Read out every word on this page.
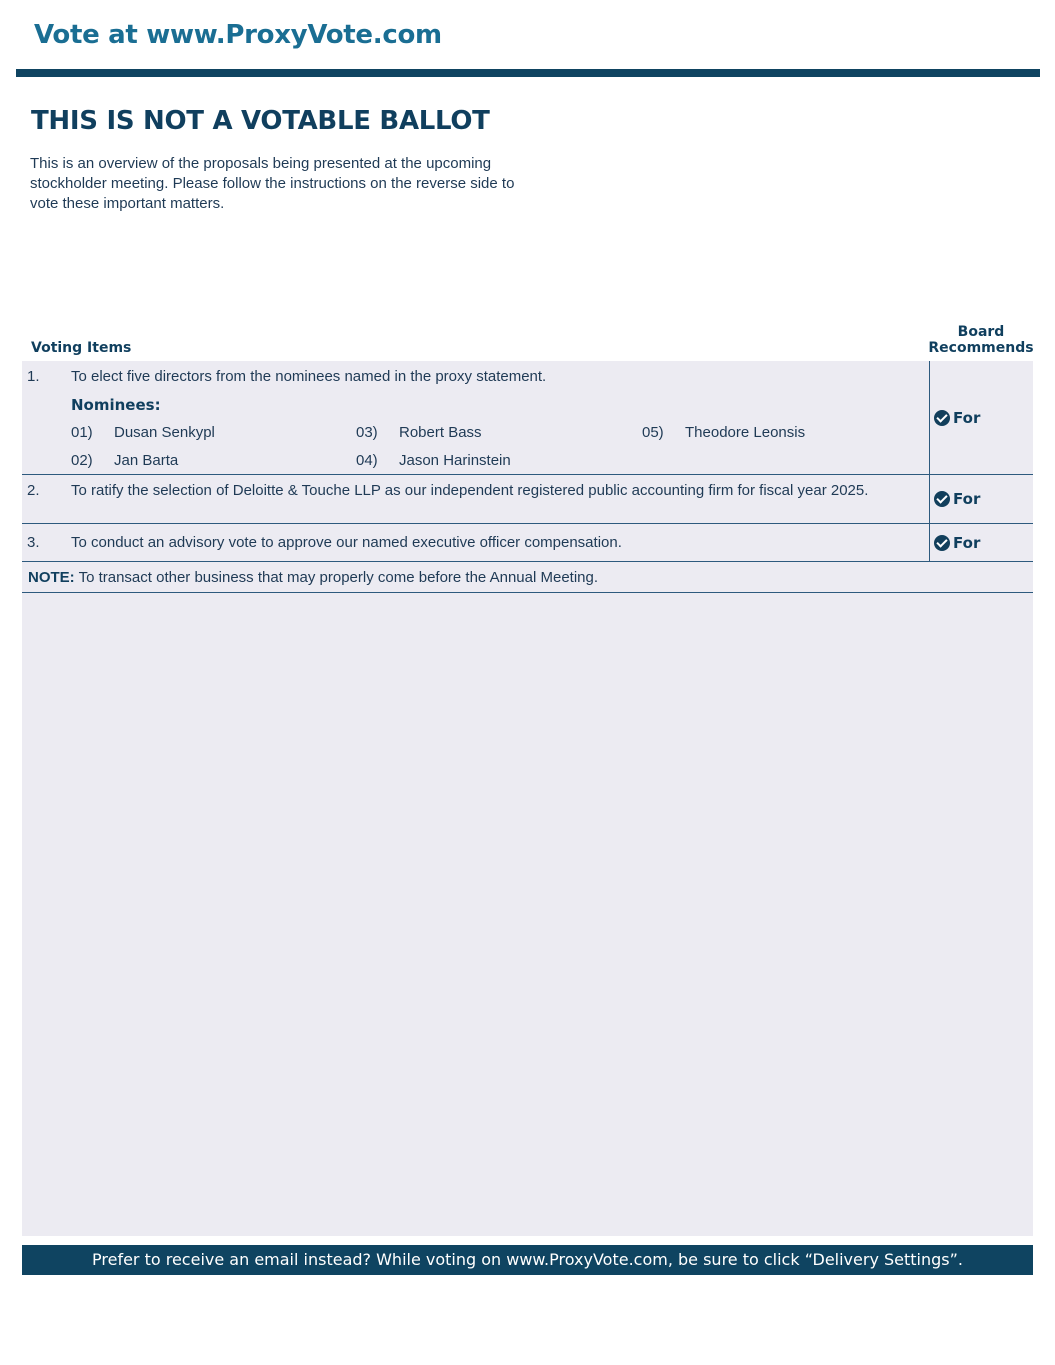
Vote at www.ProxyVote.com
THIS IS NOT A VOTABLE BALLOT
This is an overview of the proposals being presented at the upcoming stockholder meeting. Please follow the instructions on the reverse side to vote these important matters.
Voting Items
Board
Recommends
1. To elect five directors from the nominees named in the proxy statement.
Nominees:
01) Dusan Senkypl
02) Jan Barta
03) Robert Bass
04) Jason Harinstein
05) Theodore Leonsis
For
2. To ratify the selection of Deloitte & Touche LLP as our independent registered public accounting firm for fiscal year 2025.	For
3. To conduct an advisory vote to approve our named executive officer compensation.	For
NOTE: To transact other business that may properly come before the Annual Meeting.
Prefer to receive an email instead? While voting on www.ProxyVote.com, be sure to click “Delivery Settings”.
